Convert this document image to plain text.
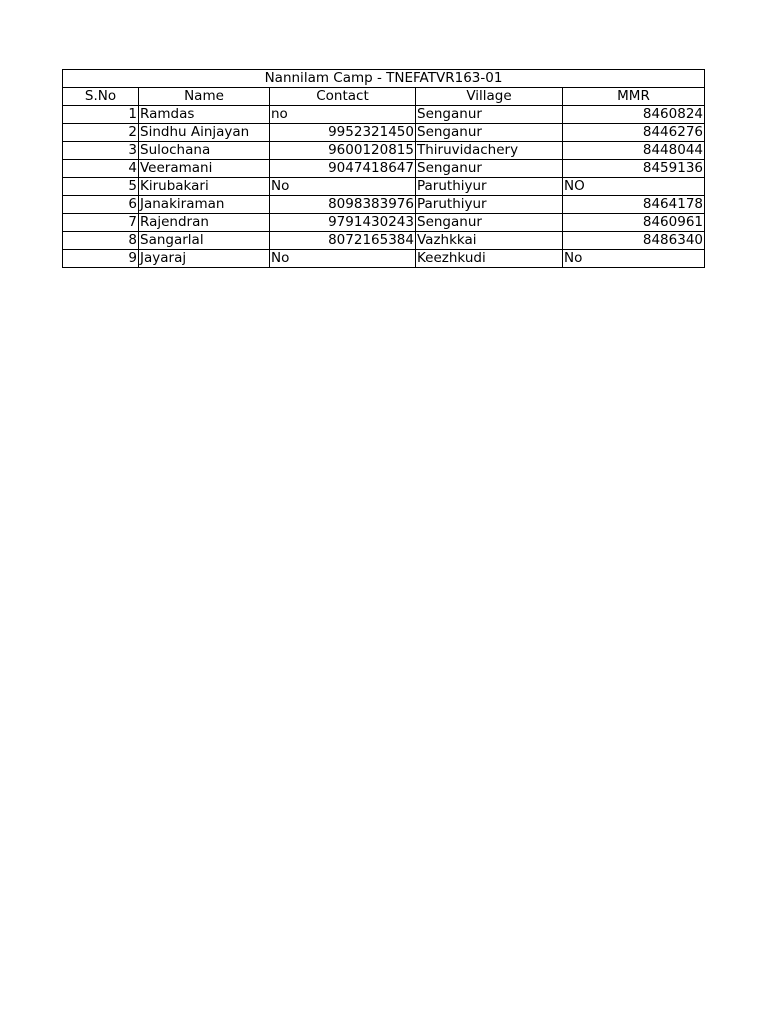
Nannilam Camp - TNEFATVR163-01				
S.No	Name	Contact	Village	MMR
1	Ramdas	no	Senganur	8460824
2	Sindhu Ainjayan	9952321450	Senganur	8446276
3	Sulochana	9600120815	Thiruvidachery	8448044
4	Veeramani	9047418647	Senganur	8459136
5	Kirubakari	No	Paruthiyur	NO
6	Janakiraman	8098383976	Paruthiyur	8464178
7	Rajendran	9791430243	Senganur	8460961
8	Sangarlal	8072165384	Vazhkkai	8486340
9	Jayaraj	No	Keezhkudi	No
